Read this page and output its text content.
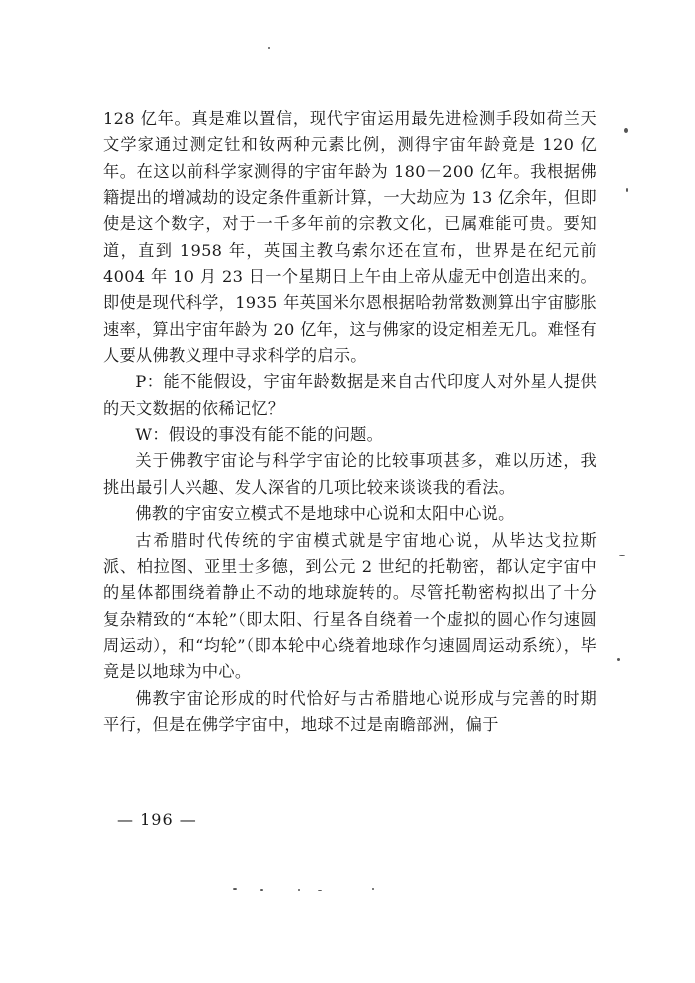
128 亿年。真是难以置信，现代宇宙运用最先进检测手段如荷兰天文学家通过测定钍和钕两种元素比例，测得宇宙年龄竟是 120 亿年。在这以前科学家测得的宇宙年龄为 180－200 亿年。我根据佛籍提出的增减劫的设定条件重新计算，一大劫应为 13 亿余年，但即使是这个数字，对于一千多年前的宗教文化，已属难能可贵。要知道，直到 1958 年，英国主教乌索尔还在宣布，世界是在纪元前 4004 年 10 月 23 日一个星期日上午由上帝从虚无中创造出来的。即使是现代科学，1935 年英国米尔恩根据哈勃常数测算出宇宙膨胀速率，算出宇宙年龄为 20 亿年，这与佛家的设定相差无几。难怪有人要从佛教义理中寻求科学的启示。

P：能不能假设，宇宙年龄数据是来自古代印度人对外星人提供的天文数据的依稀记忆？

W：假设的事没有能不能的问题。

关于佛教宇宙论与科学宇宙论的比较事项甚多，难以历述，我挑出最引人兴趣、发人深省的几项比较来谈谈我的看法。

佛教的宇宙安立模式不是地球中心说和太阳中心说。

古希腊时代传统的宇宙模式就是宇宙地心说，从毕达戈拉斯派、柏拉图、亚里士多德，到公元 2 世纪的托勒密，都认定宇宙中的星体都围绕着静止不动的地球旋转的。尽管托勒密构拟出了十分复杂精致的“本轮”（即太阳、行星各自绕着一个虚拟的圆心作匀速圆周运动），和“均轮”（即本轮中心绕着地球作匀速圆周运动系统），毕竟是以地球为中心。

佛教宇宙论形成的时代恰好与古希腊地心说形成与完善的时期平行，但是在佛学宇宙中，地球不过是南瞻部洲，偏于

— 196 —
